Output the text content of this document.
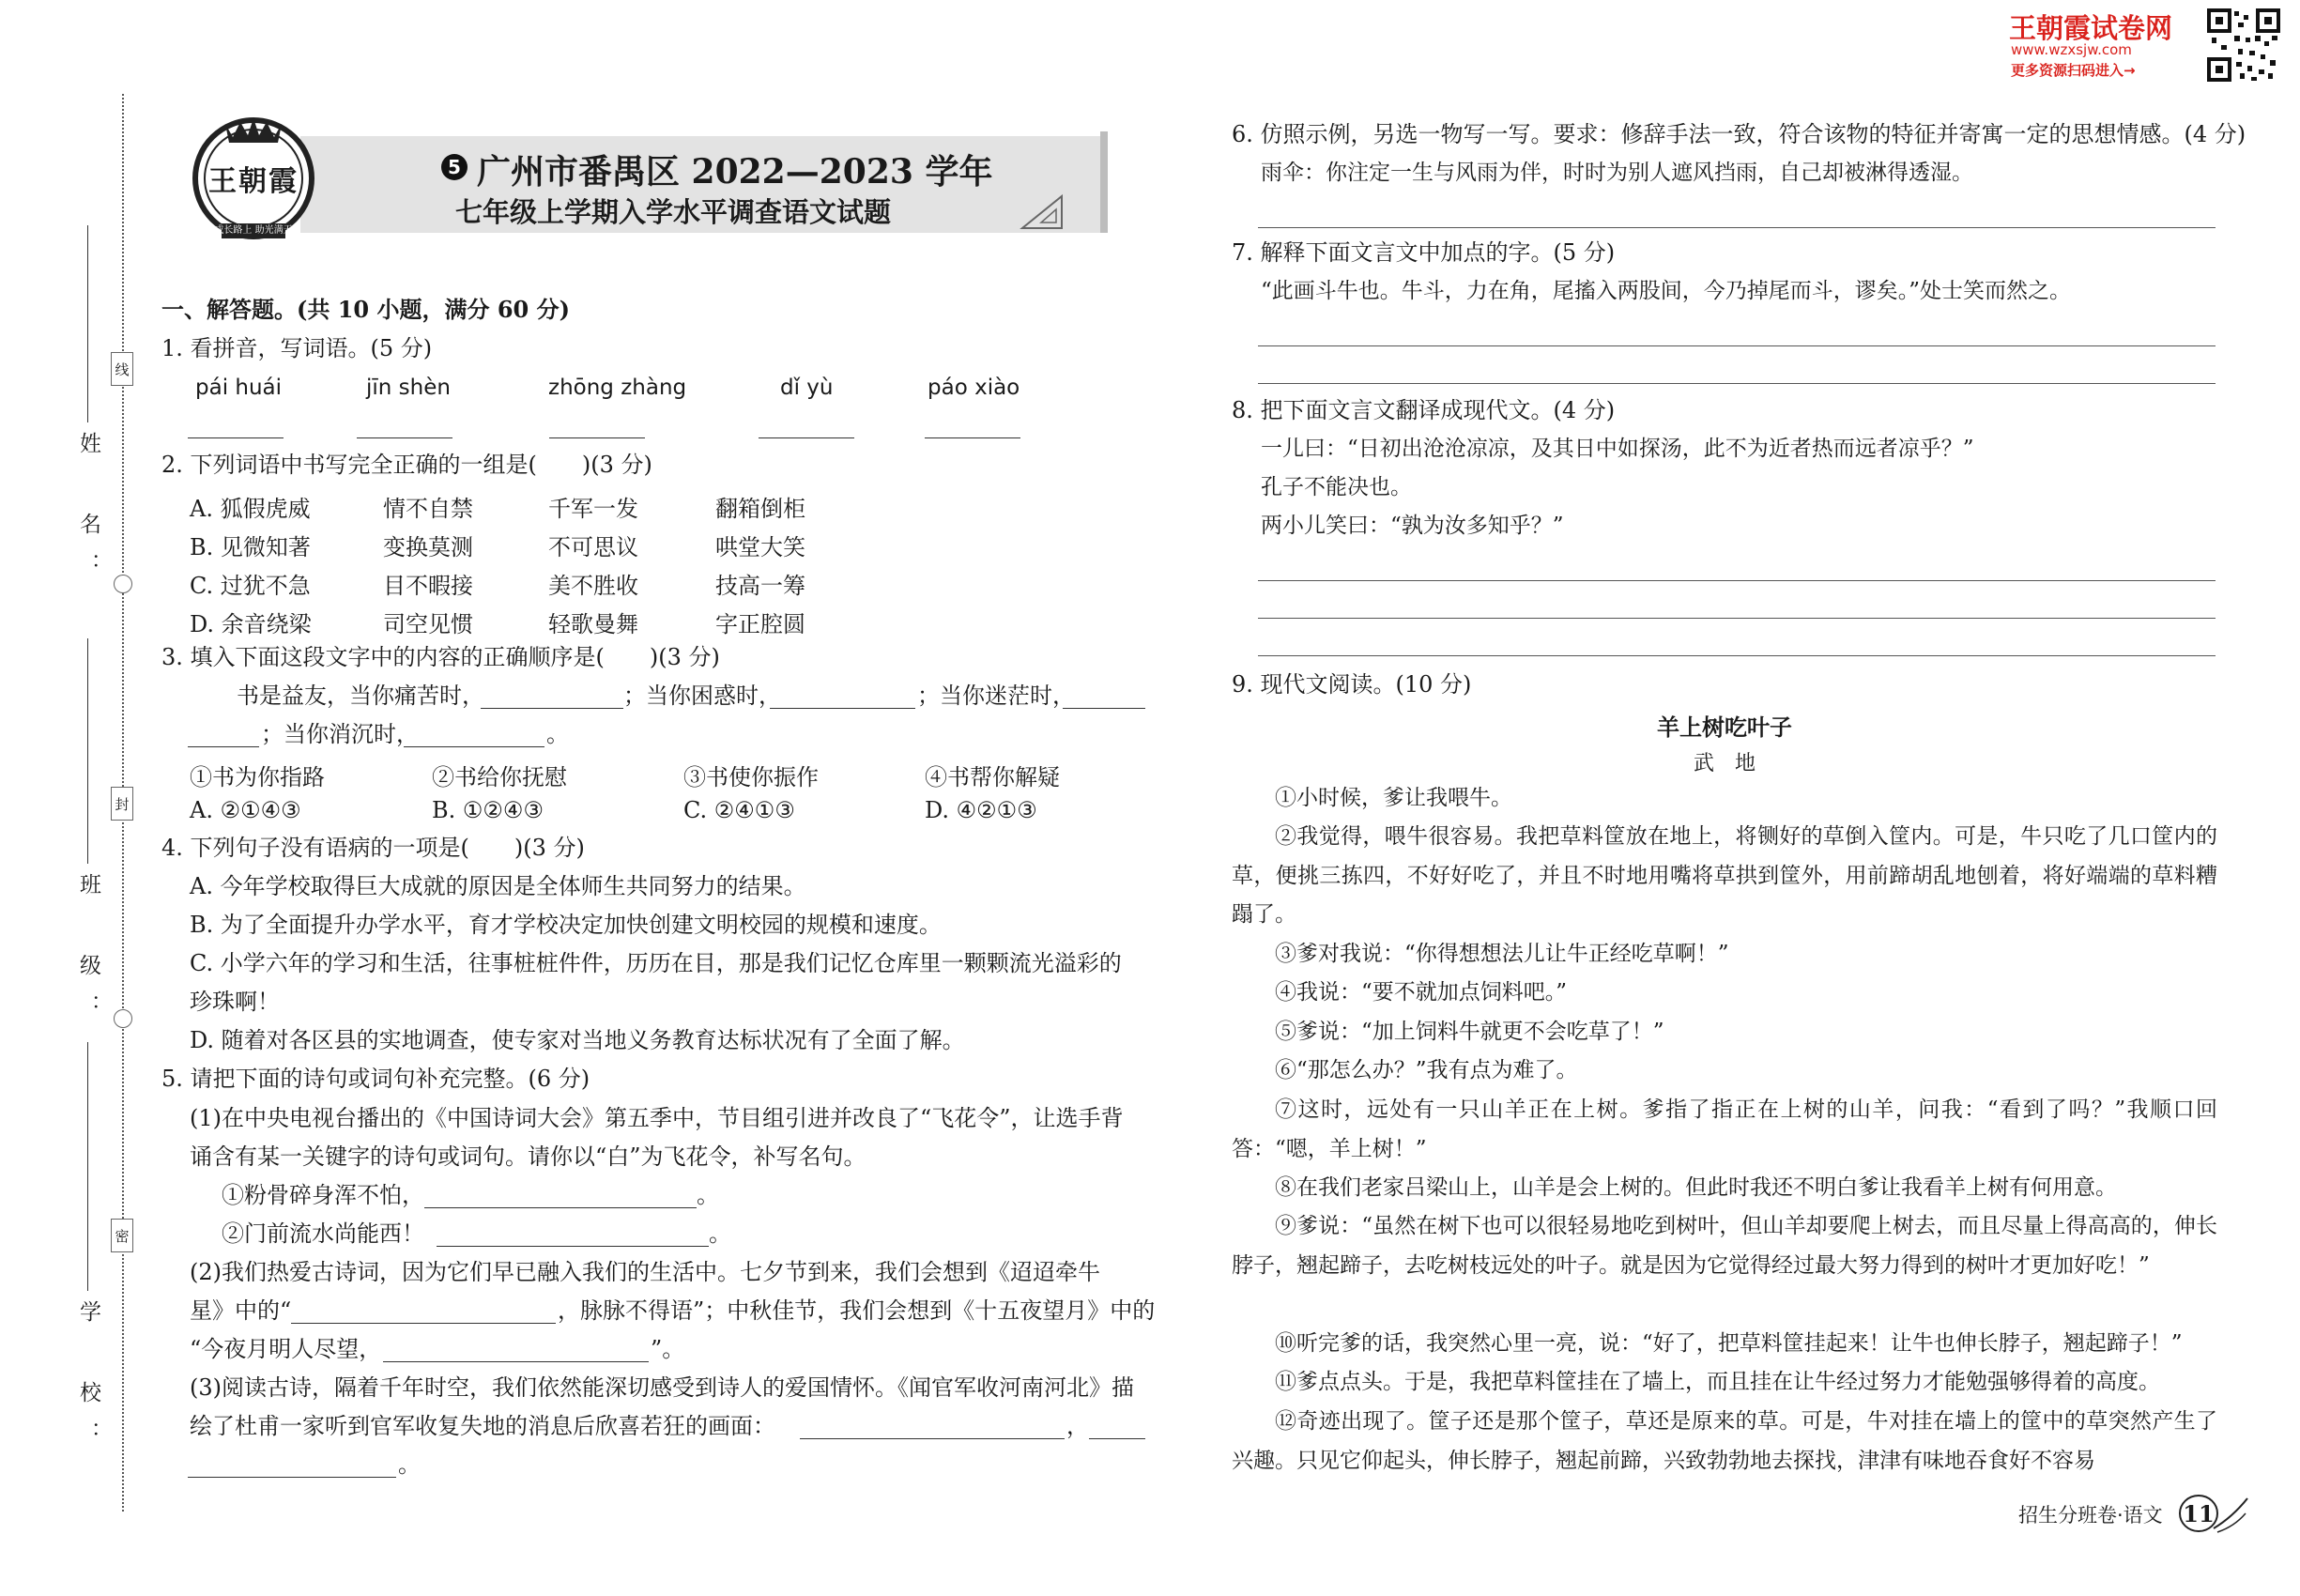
王朝霞试卷网
www.wzxsjw.com
更多资源扫码进入→
线
封
密
姓　名：
班　级：
学　校：
王朝霞
成长路上 助光满天
5 广州市番禺区 2022—2023 学年
七年级上学期入学水平调查语文试题
一、解答题。(共 10 小题，满分 60 分)
1. 看拼音，写词语。(5 分)
pái huái	jīn shèn	zhōng zhàng	dǐ yù	páo xiào
2. 下列词语中书写完全正确的一组是(　　)(3 分)
A. 狐假虎威	情不自禁	千军一发	翻箱倒柜
B. 见微知著	变换莫测	不可思议	哄堂大笑
C. 过犹不急	目不暇接	美不胜收	技高一筹
D. 余音绕梁	司空见惯	轻歌曼舞	字正腔圆
3. 填入下面这段文字中的内容的正确顺序是(　　)(3 分)
书是益友，当你痛苦时，	；当你困惑时，	；当你迷茫时，
；当你消沉时，	。
①书为你指路	②书给你抚慰	③书使你振作	④书帮你解疑
A. ②①④③	B. ①②④③	C. ②④①③	D. ④②①③
4. 下列句子没有语病的一项是(　　)(3 分)
A. 今年学校取得巨大成就的原因是全体师生共同努力的结果。
B. 为了全面提升办学水平，育才学校决定加快创建文明校园的规模和速度。
C. 小学六年的学习和生活，往事桩桩件件，历历在目，那是我们记忆仓库里一颗颗流光溢彩的
珍珠啊！
D. 随着对各区县的实地调查，使专家对当地义务教育达标状况有了全面了解。
5. 请把下面的诗句或词句补充完整。(6 分)
(1)在中央电视台播出的《中国诗词大会》第五季中，节目组引进并改良了“飞花令”，让选手背
诵含有某一关键字的诗句或词句。请你以“白”为飞花令，补写名句。
①粉骨碎身浑不怕，	。
②门前流水尚能西！	。
(2)我们热爱古诗词，因为它们早已融入我们的生活中。七夕节到来，我们会想到《迢迢牵牛
星》中的“	，脉脉不得语”；中秋佳节，我们会想到《十五夜望月》中的
“今夜月明人尽望，	”。
(3)阅读古诗，隔着千年时空，我们依然能深切感受到诗人的爱国情怀。《闻官军收河南河北》描
绘了杜甫一家听到官军收复失地的消息后欣喜若狂的画面：	，
。
6. 仿照示例，另选一物写一写。要求：修辞手法一致，符合该物的特征并寄寓一定的思想情感。(4 分)
雨伞：你注定一生与风雨为伴，时时为别人遮风挡雨，自己却被淋得透湿。
7. 解释下面文言文中加点的字。(5 分)
“此画斗牛也。牛斗，力在角，尾搐入两股间，今乃掉尾而斗，谬矣。”处士笑而然之。
8. 把下面文言文翻译成现代文。(4 分)
一儿曰：“日初出沧沧凉凉，及其日中如探汤，此不为近者热而远者凉乎？”
孔子不能决也。
两小儿笑曰：“孰为汝多知乎？”
9. 现代文阅读。(10 分)
羊上树吃叶子
武　地
①小时候，爹让我喂牛。
②我觉得，喂牛很容易。我把草料筐放在地上，将铡好的草倒入筐内。可是，牛只吃了几口筐内的草，便挑三拣四，不好好吃了，并且不时地用嘴将草拱到筐外，用前蹄胡乱地刨着，将好端端的草料糟蹋了。
③爹对我说：“你得想想法儿让牛正经吃草啊！”
④我说：“要不就加点饲料吧。”
⑤爹说：“加上饲料牛就更不会吃草了！”
⑥“那怎么办？”我有点为难了。
⑦这时，远处有一只山羊正在上树。爹指了指正在上树的山羊，问我：“看到了吗？”我顺口回答：“嗯，羊上树！”
⑧在我们老家吕梁山上，山羊是会上树的。但此时我还不明白爹让我看羊上树有何用意。
⑨爹说：“虽然在树下也可以很轻易地吃到树叶，但山羊却要爬上树去，而且尽量上得高高的，伸长脖子，翘起蹄子，去吃树枝远处的叶子。就是因为它觉得经过最大努力得到的树叶才更加好吃！”
⑩听完爹的话，我突然心里一亮，说：“好了，把草料筐挂起来！让牛也伸长脖子，翘起蹄子！”
⑪爹点点头。于是，我把草料筐挂在了墙上，而且挂在让牛经过努力才能勉强够得着的高度。
⑫奇迹出现了。筐子还是那个筐子，草还是原来的草。可是，牛对挂在墙上的筐中的草突然产生了兴趣。只见它仰起头，伸长脖子，翘起前蹄，兴致勃勃地去探找，津津有味地吞食好不容易
招生分班卷·语文 11
